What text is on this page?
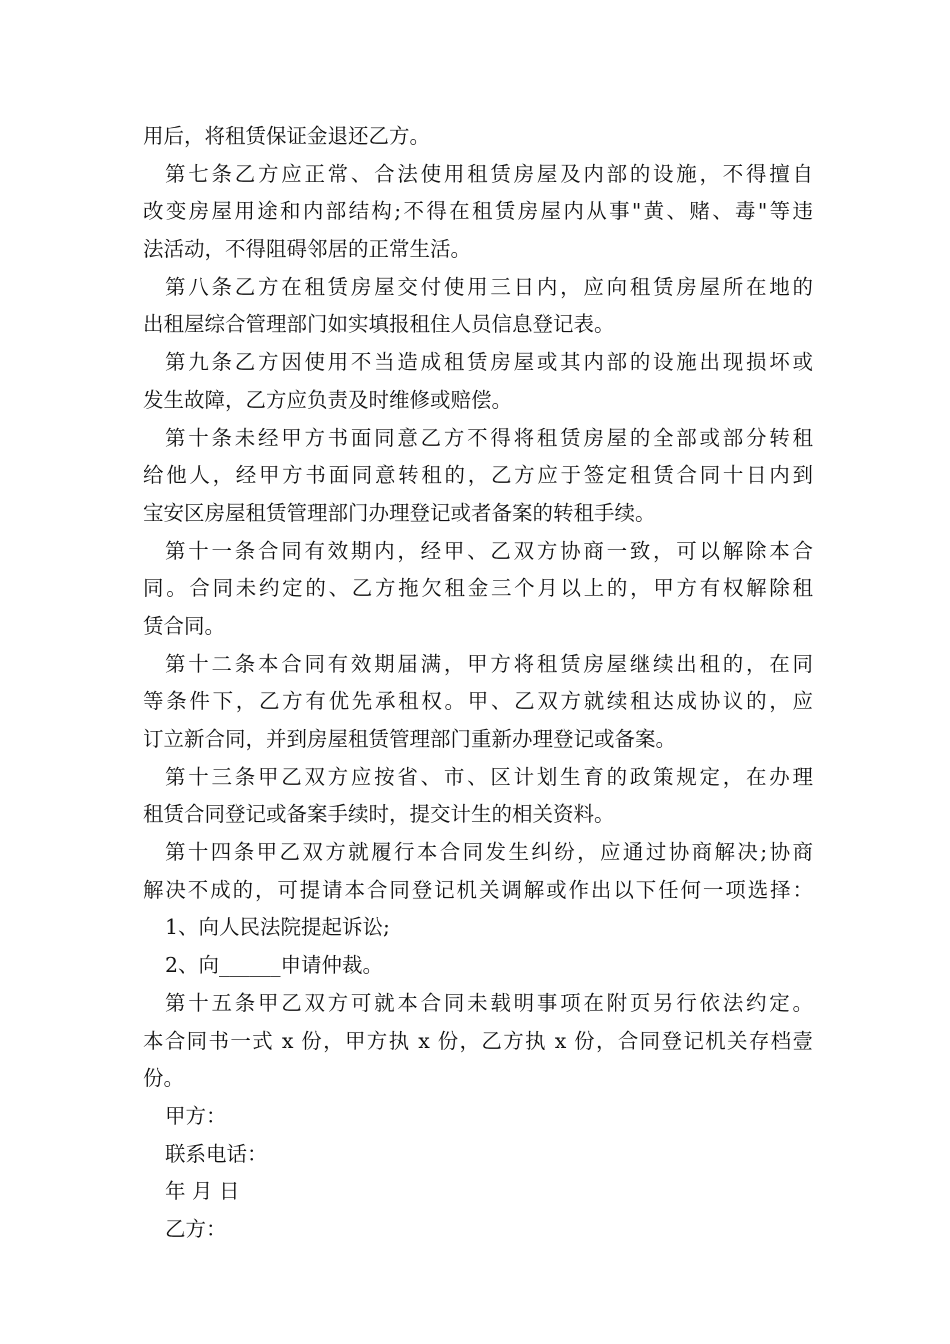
用后，将租赁保证金退还乙方。
第七条乙方应正常、合法使用租赁房屋及内部的设施，不得擅自
改变房屋用途和内部结构;不得在租赁房屋内从事"黄、赌、毒"等违
法活动，不得阻碍邻居的正常生活。
第八条乙方在租赁房屋交付使用三日内，应向租赁房屋所在地的
出租屋综合管理部门如实填报租住人员信息登记表。
第九条乙方因使用不当造成租赁房屋或其内部的设施出现损坏或
发生故障，乙方应负责及时维修或赔偿。
第十条未经甲方书面同意乙方不得将租赁房屋的全部或部分转租
给他人，经甲方书面同意转租的，乙方应于签定租赁合同十日内到
宝安区房屋租赁管理部门办理登记或者备案的转租手续。
第十一条合同有效期内，经甲、乙双方协商一致，可以解除本合
同。合同未约定的、乙方拖欠租金三个月以上的，甲方有权解除租
赁合同。
第十二条本合同有效期届满，甲方将租赁房屋继续出租的，在同
等条件下，乙方有优先承租权。甲、乙双方就续租达成协议的，应
订立新合同，并到房屋租赁管理部门重新办理登记或备案。
第十三条甲乙双方应按省、市、区计划生育的政策规定，在办理
租赁合同登记或备案手续时，提交计生的相关资料。
第十四条甲乙双方就履行本合同发生纠纷，应通过协商解决;协商
解决不成的，可提请本合同登记机关调解或作出以下任何一项选择：
1、向人民法院提起诉讼;
2、向______申请仲裁。
第十五条甲乙双方可就本合同未载明事项在附页另行依法约定。
本合同书一式 x 份，甲方执 x 份，乙方执 x 份，合同登记机关存档壹
份。
甲方：
联系电话：
年 月 日
乙方：
